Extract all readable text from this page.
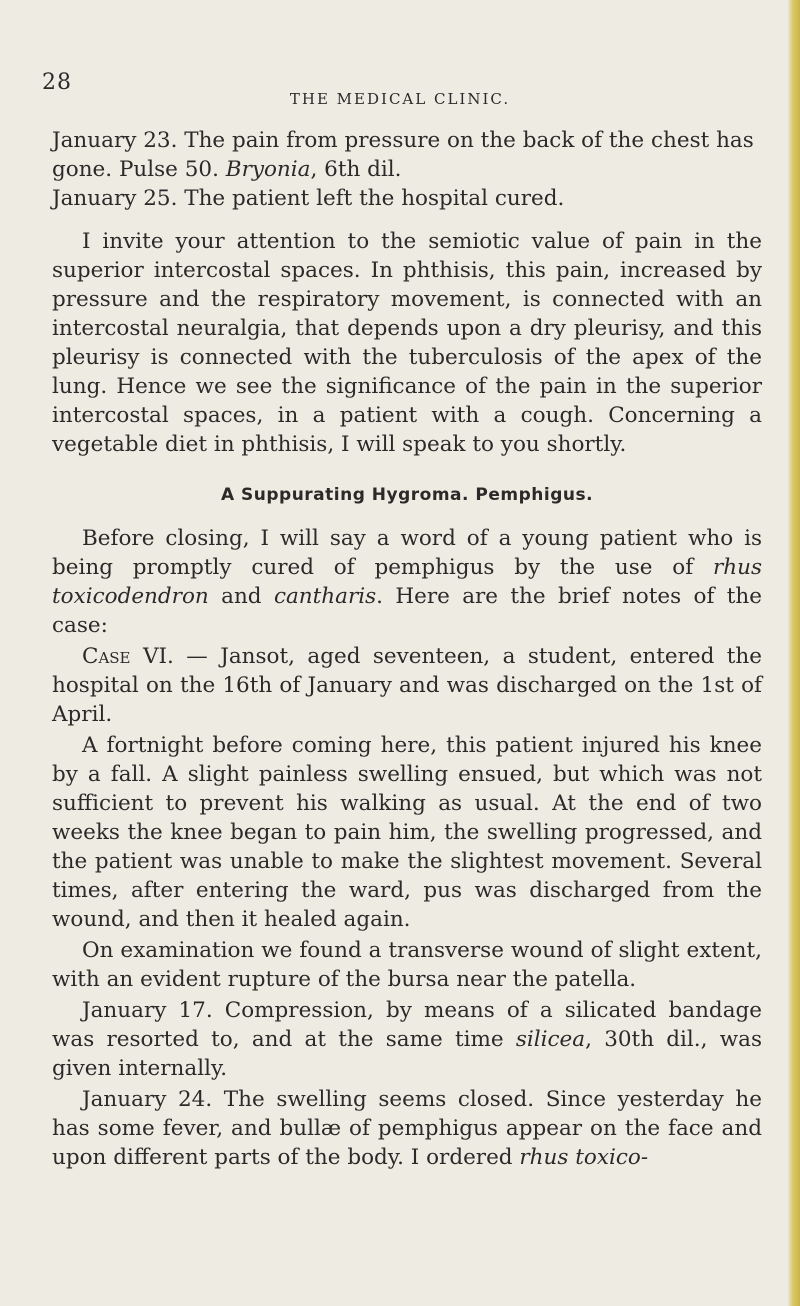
28
THE MEDICAL CLINIC.

January 23. The pain from pressure on the back of the chest has gone. Pulse 50. Bryonia, 6th dil.

January 25. The patient left the hospital cured.

I invite your attention to the semiotic value of pain in the superior intercostal spaces. In phthisis, this pain, increased by pressure and the respiratory movement, is connected with an intercostal neuralgia, that depends upon a dry pleurisy, and this pleurisy is connected with the tuberculosis of the apex of the lung. Hence we see the significance of the pain in the superior intercostal spaces, in a patient with a cough. Concerning a vegetable diet in phthisis, I will speak to you shortly.

A Suppurating Hygroma. Pemphigus.

Before closing, I will say a word of a young patient who is being promptly cured of pemphigus by the use of rhus toxicodendron and cantharis. Here are the brief notes of the case:

Case VI. — Jansot, aged seventeen, a student, entered the hospital on the 16th of January and was discharged on the 1st of April.

A fortnight before coming here, this patient injured his knee by a fall. A slight painless swelling ensued, but which was not sufficient to prevent his walking as usual. At the end of two weeks the knee began to pain him, the swelling progressed, and the patient was unable to make the slightest movement. Several times, after entering the ward, pus was discharged from the wound, and then it healed again.

On examination we found a transverse wound of slight extent, with an evident rupture of the bursa near the patella.

January 17. Compression, by means of a silicated bandage was resorted to, and at the same time silicea, 30th dil., was given internally.

January 24. The swelling seems closed. Since yesterday he has some fever, and bullæ of pemphigus appear on the face and upon different parts of the body. I ordered rhus toxico-
